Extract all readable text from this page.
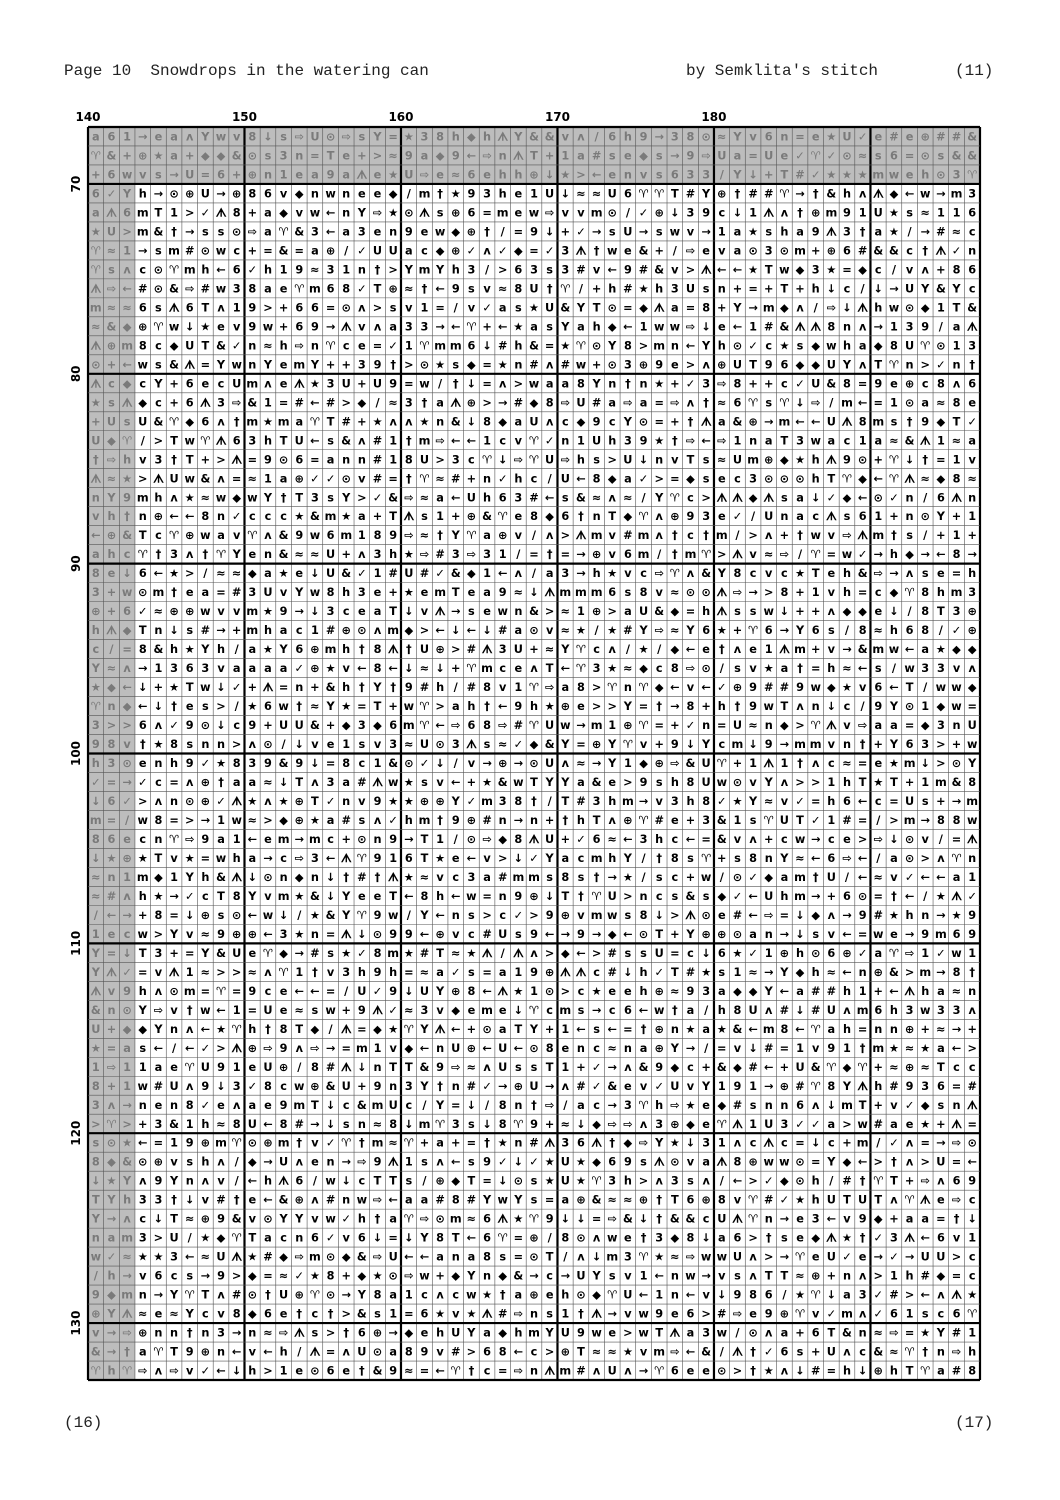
Page 10  Snowdrops in the watering can	by Semklita's stitch	(11)
140	150	160	170	180
70
80
90
100
110
120
130
a 6 1 → e a ʌ Y w v 8 ↓ s ⇨ U ⊙ ⇨ s Y = ★ 3 8 h ◆ h ᗑ Y & & v ʌ / 6 h 9 → 3 8 ⊙ ≈ Y v 6 n = e ★ U ✓ e # e ⊕ # # &
♈ & + ⊕ ★ a + ◆ ◆ & ⊙ s 3 n = T e + > ≈ 9 a ◆ 9 ← ⇨ n ᗑ T + 1 a # s e ◆ s → 9 ⇨ U a = U e ✓ ♈ ✓ ⊙ ≈ s 6 = ⊙ s & &
+ 6 w v s → U = 6 + ⊕ n 1 e a 9 a ᗑ e ★ U ⇨ e ≈ 6 e h h ⊕ ↓ ★ > ← e n v s 6 3 3 / Y ↓ + T # ✓ ★ ★ ★ m w e h ⊙ 3 ♈
6 ✓ Y h → ⊙ ⊕ U → ⊕ 8 6 v ◆ n w n e e ◆ / m † ★ 9 3 h e 1 U ↓ ≈ ≈ U 6 ♈ ♈ T # Y ⊕ † # # ♈ → † & h ʌ ᗑ ◆ ← w → m 3
a ᗑ 6 m T 1 > ✓ ᗑ 8 + a ◆ v w ← n Y ⇨ ★ ⊙ ᗑ s ⊕ 6 = m e w ⇨ v v m ⊙ / ✓ ⊕ ↓ 3 9 c ↓ 1 ᗑ ʌ † ⊕ m 9 1 U ★ s ≈ 1 1 6
★ U > m & † → s s ⊙ ⇨ a ♈ & 3 ← a 3 e n 9 e w ◆ ⊕ † / = 9 ↓ + ✓ → s U → s w v → 1 a ★ s h a 9 ᗑ 3 † a ★ / → # ≈ c
♈ ≈ 1 → s m # ⊙ w c + = & = a ⊕ / ✓ U U a c ◆ ⊕ ✓ ʌ ✓ ◆ = ✓ 3 ᗑ † w e & + / ⇨ e v a ⊙ 3 ⊙ m + ⊕ 6 # & & c † ᗑ ✓ n
♈ s ʌ c ⊙ ♈ m h ← 6 ✓ h 1 9 ≈ 3 1 n † > Y m Y h 3 / > 6 3 s 3 # v ← 9 # & v > ᗑ ← ← ★ T w ◆ 3 ★ = ◆ c / v ʌ + 8 6
ᗑ ⇨ ← # ⊙ & ⇨ # w 3 8 a e ♈ m 6 8 ✓ T ⊕ ≈ † ← 9 s v ≈ 8 U † ♈ / + h # ★ h 3 U s n + = + T + h ↓ c / ↓ → U Y & Y c
m ≈ ≈ 6 s ᗑ 6 T ʌ 1 9 > + 6 6 = ⊙ ʌ > s v 1 = / v ✓ a s ★ U & Y T ⊙ = ◆ ᗑ a = 8 + Y → m ◆ ʌ / ⇨ ↓ ᗑ h w ⊙ ◆ 1 T &
≈ & ◆ ⊕ ♈ w ↓ ★ e v 9 w + 6 9 → ᗑ v ʌ a 3 3 → ← ♈ + ← ★ a s Y a h ◆ ← 1 w w ⇨ ↓ e ← 1 # & ᗑ ᗑ 8 n ʌ → 1 3 9 / a ᗑ
ᗑ ⊕ m 8 c ◆ U T & ✓ n ≈ h ⇨ n ♈ c e = ✓ 1 ♈ m m 6 ↓ # h & = ★ ♈ ⊙ Y 8 > m n ← Y h ⊙ ✓ c ★ s ◆ w h a ◆ 8 U ♈ ⊙ 1 3
⊙ + ← w s & ᗑ = Y w n Y e m Y + + 3 9 † > ⊙ ★ s ◆ = ★ n # ʌ # w + ⊙ 3 ⊕ 9 e > ʌ ⊕ U T 9 6 ◆ ◆ U Y ʌ T ♈ n > ✓ n †
ᗑ c ◆ c Y + 6 e c U m ʌ e ᗑ ★ 3 U + U 9 = w / † ↓ = ʌ > w a a 8 Y n † n ★ + ✓ 3 ⇨ 8 + + c ✓ U & 8 = 9 e ⊕ c 8 ʌ 6
★ s ᗑ ◆ c + 6 ᗑ 3 ⇨ & 1 = # ← # > ◆ / ≈ 3 † a ᗑ ⊕ > → # ◆ 8 ⇨ U # a ⇨ a = ⇨ ʌ † ≈ 6 ♈ s ♈ ↓ ⇨ / m ← = 1 ⊙ a ≈ 8 e
+ U s U & ♈ ◆ 6 ʌ † m ★ m a ♈ T # + ★ ʌ ʌ ★ n & ↓ 8 ◆ a U ʌ c ◆ 9 c Y ⊙ = + † ᗑ a & ⊕ → m ← ← U ᗑ 8 m s † 9 ◆ T ✓
U ◆ ♈ / > T w ♈ ᗑ 6 3 h T U ← s & ʌ # 1 † m ⇨ ← ← 1 c v ♈ ✓ n 1 U h 3 9 ★ † ⇨ ← ⇨ 1 n a T 3 w a c 1 a ≈ & ᗑ 1 ≈ a
† ⇨ h v 3 † T + > ᗑ = 9 ⊙ 6 = a n n # 1 8 U > 3 c ♈ ↓ ⇨ ♈ U ⇨ h s > U ↓ n v T s ≈ U m ⊕ ◆ ★ h ᗑ 9 ⊙ + ♈ ↓ † = 1 v
ᗑ ≈ ★ > ᗑ U w & ʌ = ≈ 1 a ⊕ ✓ ✓ ⊙ v # = † ♈ ≈ # + n ✓ h c / U ← 8 ◆ a ✓ > = ◆ s e c 3 ⊙ ⊙ ⊙ h T ♈ ◆ ← ♈ ᗑ ≈ ◆ 8 ≈
n Y 9 m h ʌ ★ ≈ w ◆ w Y † T 3 s Y > ✓ & ⇨ ≈ a ← U h 6 3 # ← s & ≈ ʌ ≈ / Y ♈ c > ᗑ ᗑ ◆ ᗑ s a ↓ ✓ ◆ ← ⊙ ✓ n / 6 ᗑ n
v h † n ⊕ ← ← 8 n ✓ c c c ★ & m ★ a + T ᗑ s 1 + ⊕ & ♈ e 8 ◆ 6 † n T ◆ ♈ ʌ ⊕ 9 3 e ✓ / U n a c ᗑ s 6 1 + n ⊙ Y + 1
← ⊕ & T c ♈ ⊕ w a v ♈ ʌ & 9 w 6 m 1 8 9 ⇨ ≈ † Y ♈ a ⊕ v / ʌ > ᗑ m v # m ʌ † c † m / > ʌ + † w v ⇨ ᗑ m † s / + 1 +
a h c ♈ † 3 ʌ † ♈ Y e n & ≈ ≈ U + ʌ 3 h ★ ⇨ # 3 ⇨ 3 1 / = † = → ⊕ v 6 m / † m ♈ > ᗑ v ≈ ⇨ / ♈ = w ✓ → h ◆ → ← 8 →
8 e ↓ 6 ← ★ > / ≈ ≈ ◆ a ★ e ↓ U & ✓ 1 # U # ✓ & ◆ 1 ← ʌ / a 3 → h ★ v c ⇨ ♈ ʌ & Y 8 c v c ★ T e h & ⇨ → ʌ s e = h
3 + w ⊙ m † e a = # 3 U v Y w 8 h 3 e + ★ e m T e a 9 ≈ ↓ ᗑ m m m 6 s 8 v ≈ ⊙ ⊙ ᗑ ⇨ → > 8 + 1 v h = c ◆ ♈ 8 h m 3
⊕ + 6 ✓ ≈ ⊕ ⊕ w v v m ★ 9 → ↓ 3 c e a T ↓ v ᗑ → s e w n & > ≈ 1 ⊕ > a U & ◆ = h ᗑ s s w ↓ + + ʌ ◆ ◆ e ↓ / 8 T 3 ⊕
h ᗑ ◆ T n ↓ s # → + m h a c 1 # ⊕ ⊙ ʌ m ◆ > ← ↓ ← ↓ # a ⊙ v ≈ ★ / ★ # Y ⇨ ≈ Y 6 ★ + ♈ 6 → Y 6 s / 8 ≈ h 6 8 / ✓ ⊕
c / = 8 & h ★ Y h / a ★ Y 6 ⊕ m h † 8 ᗑ † U ⊕ > # ᗑ 3 U + ≈ Y ♈ c ʌ / ★ / ◆ ← e † ʌ e 1 ᗑ m + v → & m w ← a ★ ◆ ◆
Y ≈ ʌ → 1 3 6 3 v a a a a ✓ ⊕ ★ v ← 8 ← ↓ ≈ ↓ + ♈ m c e ʌ T ← ♈ 3 ★ ≈ ◆ c 8 ⇨ ⊙ / s v ★ a † = h ≈ ← s / w 3 3 v ʌ
★ ◆ ← ↓ + ★ T w ↓ ✓ + ᗑ = n + & h † Y † 9 # h / # 8 v 1 ♈ ⇨ a 8 > ♈ n ♈ ◆ ← v ← ✓ ⊕ 9 # # 9 w ◆ ★ v 6 ← T / w w ◆
♈ n ◆ ← ↓ † e s > / ★ 6 w † ≈ Y ★ = T + w ♈ > a h † ← 9 h ★ ⊕ e > > Y = † → 8 + h † 9 w T ʌ n ↓ c / 9 Y ⊙ 1 ◆ w =
3 > > 6 ʌ ✓ 9 ⊙ ↓ c 9 + U U & + ◆ 3 ◆ 6 m ♈ ← ⇨ 6 8 ⇨ # ♈ U w → m 1 ⊕ ♈ = + ✓ n = U ≈ n ◆ > ♈ ᗑ v ⇨ a a = ◆ 3 n U
9 8 v † ★ 8 s n n > ʌ ⊙ / ↓ v e 1 s v 3 ≈ U ⊙ 3 ᗑ s ≈ ✓ ◆ & Y = ⊕ Y ♈ v + 9 ↓ Y c m ↓ 9 → m m v n † + Y 6 3 > + w
h 3 ⊙ e n h 9 ✓ ★ 8 3 9 & 9 ↓ = 8 c 1 & ⊙ ✓ ↓ / v → ⊕ → ⊙ U ʌ ≈ → Y 1 ◆ ⊕ ⇨ & U ♈ + 1 ᗑ 1 † ʌ c ≈ = e ★ m ↓ > ⊙ Y
✓ = → ✓ c = ʌ ⊕ † a a ≈ ↓ T ʌ 3 a # ᗑ w ★ s v ← + ★ & w T Y Y a & e > 9 s h 8 U w ⊙ v Y ʌ > > 1 h T ★ T + 1 m & 8
↓ 6 ✓ > ʌ n ⊙ ⊕ ✓ ᗑ ★ ʌ ★ ⊕ T ✓ n v 9 ★ ★ ⊕ ⊕ Y ✓ m 3 8 † / T # 3 h m → v 3 h 8 ✓ ★ Y ≈ v ✓ = h 6 ← c = U s + → m
m = / w 8 = > → 1 w ≈ > ◆ ⊕ ★ a # s ʌ ✓ h m † 9 ⊕ # n → n + † h T ʌ ⊕ ♈ # e + 3 & 1 s ♈ U T ✓ 1 # = / > m → 8 8 w
8 6 e c n ♈ ⇨ 9 a 1 ← e m → m c + ⊙ n 9 → T 1 / ⊙ ⇨ ◆ 8 ᗑ U + ✓ 6 ≈ ← 3 h c ← = & v ʌ + c w → c e > ⇨ ↓ ⊙ v / = ᗑ
↓ ★ ⊕ ★ T v ★ = w h a → c ⇨ 3 ← ᗑ ♈ 9 1 6 T ★ e ← v > ↓ ✓ Y a c m h Y / † 8 s ♈ + s 8 n Y ≈ ← 6 ⇨ ← / a ⊙ > ʌ ♈ n
≈ n 1 m ◆ 1 Y h & ᗑ ↓ ⊙ n ◆ n ↓ † # † ᗑ ★ ≈ v c 3 a # m m s 8 s † → ★ / s c + w / ⊙ ✓ ◆ a m † U / ← ≈ v ✓ ← ← a 1
≈ # ʌ h ★ → ✓ c T 8 Y v m ★ & ↓ Y e e T ← 8 h ← w = n 9 ⊕ ↓ T † ♈ U > n c s & s ◆ ✓ ← U h m → + 6 ⊙ = † ← / ★ ᗑ ✓
/ ← → + 8 = ↓ ⊕ s ⊙ ← w ↓ / ★ & Y ♈ 9 w / Y ← n s > c ✓ > 9 ⊕ v m w s 8 ↓ > ᗑ ⊙ e # ← ⇨ = ↓ ◆ ʌ → 9 # ★ h n → ★ 9
1 e c w > Y v ≈ 9 ⊕ ⊕ ← 3 ★ n = ᗑ ↓ ⊙ 9 9 ← ⊕ v c # U s 9 ← → 9 → ◆ ← ⊙ T + Y ⊕ ⊕ ⊙ a n → ↓ s v ← = w e → 9 m 6 9
Y = ↓ T 3 + = Y & U e ♈ ◆ → # s ★ ✓ 8 m ★ # T ≈ ★ ᗑ / ᗑ ʌ > ◆ ← > # s s U = c ↓ 6 ★ ✓ 1 ⊕ h ⊙ 6 ⊕ ✓ a ♈ ⇨ 1 ✓ w 1
Y ᗑ ✓ = v ᗑ 1 ≈ > > ≈ ʌ ♈ 1 † v 3 h 9 h = ≈ a ✓ s = a 1 9 ⊕ ᗑ ᗑ c # ↓ h ✓ T # ★ s 1 ≈ → Y ◆ h ≈ ← n ⊕ & > m → 8 †
ᗑ v 9 h ʌ ⊙ m = ♈ = 9 c e ← ← = / U ✓ 9 ↓ U Y ⊕ 8 ← ᗑ ★ 1 ⊙ > c ★ e e h ⊕ ≈ 9 3 a ◆ ◆ Y ← a # # h 1 + ← ᗑ h a ≈ n
& n ⊙ Y ⇨ v † w ← 1 = U e ≈ s w + 9 ᗑ ✓ ≈ 3 v ◆ e m e ↓ ♈ c m s → c 6 ← w † a / h 8 U ʌ # ↓ # U ʌ m 6 h 3 w 3 3 ʌ
U + ◆ ◆ Y n ʌ ← ★ ♈ h † 8 T ◆ / ᗑ = ◆ ★ ♈ Y ᗑ ← + ⊙ a T Y + 1 ← s ← = † ⊕ n ★ a ★ & ← m 8 ← ♈ a h = n n ⊕ + ≈ → +
★ = a s ← / ← ✓ > ᗑ ⊕ ⇨ 9 ʌ ⇨ → = m 1 v ◆ ← n U ⊕ ← U ← ⊙ 8 e n c ≈ n a ⊕ Y → / = v ↓ # = 1 v 9 1 † m ★ ≈ ★ a ← >
1 ⇨ 1 1 a e ♈ U 9 1 e U ⊕ / 8 # ᗑ ↓ n T T & 9 ⇨ ≈ ʌ U s s T 1 + ✓ → ʌ & 9 ◆ c + & ◆ # ← + U & ♈ ◆ ♈ + ≈ ⊕ ≈ T c c
8 + 1 w # U ʌ 9 ↓ 3 ✓ 8 c w ⊕ & U + 9 n 3 Y † n # ✓ → ⊕ U → ʌ # ✓ & e v ✓ U v Y 1 9 1 → ⊕ # ♈ 8 Y ᗑ h # 9 3 6 = #
3 ʌ → n e n 8 ✓ e ʌ a e 9 m T ↓ c & m U c / Y = ↓ / 8 n † ⇨ / a c → 3 ♈ h ⇨ ★ e ◆ # s n n 6 ʌ ↓ m T + v ✓ ◆ s n ᗑ
> ♈ > + 3 & 1 h ≈ 8 U ← 8 # → ↓ s n ≈ 8 ↓ m ♈ 3 s ↓ 8 ♈ 9 + ≈ ↓ ◆ ⇨ ⇨ ʌ 3 ⊕ ◆ e ♈ ᗑ 1 U 3 ✓ ✓ a > w # a e ★ + ᗑ =
s ⊙ ★ ← = 1 9 ⊕ m ♈ ⊙ ⊕ m † v ✓ ♈ † m ≈ ♈ + a + = † ★ n # ᗑ 3 6 ᗑ † ◆ ⇨ Y ★ ↓ 3 1 ʌ c ᗑ c = ↓ c + m / ✓ ʌ = → ⇨ ⊙
8 ◆ & ⊙ ⊕ v s h ʌ / ◆ → U ʌ e n → ⇨ 9 ᗑ 1 s ʌ ← s 9 ✓ ↓ ✓ ★ U ★ ◆ 6 9 s ᗑ ⊙ v a ᗑ 8 ⊕ w w ⊙ = Y ◆ ← > † ʌ > U = ←
↓ ★ Y ʌ 9 Y n ʌ v / ← h ᗑ 6 / w ↓ c T T s / ⊕ ◆ T = ↓ ⊙ s ★ U ★ ♈ 3 h > ʌ 3 s ʌ / ← > ✓ ◆ ⊙ h / # † ♈ T + ⇨ ʌ 6 9
T Y h 3 3 † ↓ v # † e ← & ⊕ ʌ # n w ⇨ ← a a # 8 # Y w Y s = a ⊕ & ≈ ≈ ⊕ † T 6 ⊕ 8 v ♈ # ✓ ★ h U T U T ʌ ♈ ᗑ e ⇨ c
Y → ʌ c ↓ T ≈ ⊕ 9 & v ⊙ Y Y v w ✓ h † a ♈ ⇨ ⊙ m ≈ 6 ᗑ ★ ♈ 9 ↓ ↓ = ⇨ & ↓ † & & c U ᗑ ♈ n → e 3 ← v 9 ◆ + a a = † ↓
n a m 3 > U / ★ ◆ ♈ T a c n 6 ✓ v 6 ↓ = ↓ Y 8 T ← 6 ♈ = ⊕ / 8 ⊙ ʌ w e † 3 ◆ 8 ↓ a 6 > † s e ◆ ᗑ ★ † ✓ 3 ᗑ ← 6 v 1
w ✓ ≈ ★ ★ 3 ← ≈ U ᗑ ★ # ◆ ⇨ m ⊙ ◆ & ⇨ U ← ← a n a 8 s = ⊙ T / ʌ ↓ m 3 ♈ ★ ≈ ⇨ w w U ʌ > → ♈ e U ✓ e → ✓ → U U > c
/ h → v 6 c s → 9 > ◆ = ≈ ✓ ★ 8 + ◆ ★ ⊙ ⇨ w + ◆ Y n ◆ & → c → U Y s v 1 ← n w → v s ʌ T T ≈ ⊕ + n ʌ > 1 h # ◆ = c
9 ◆ m n → Y ♈ T ʌ # ⊙ † U ⊕ ♈ ⊙ → Y 8 a 1 c ʌ c w ★ † a ⊕ e h ⊙ ◆ ♈ U ← 1 n ← v ↓ 9 8 6 / ★ ♈ ↓ a 3 ✓ # > ← ʌ ᗑ ★
⊕ Y ᗑ ≈ e ≈ Y c v 8 ◆ 6 e † c † > & s 1 = 6 ★ v ★ ᗑ # ⇨ n s 1 † ᗑ → v w 9 e 6 > # ⇨ e 9 ⊕ ♈ v ✓ m ʌ ✓ 6 1 s c 6 ♈
v → ⇨ ⊕ n n † n 3 → n ≈ ⇨ ᗑ s > † 6 ⊕ → ◆ e h U Y a ◆ h m Y U 9 w e > w T ᗑ a 3 w / ⊙ ʌ a + 6 T & n ≈ ⇨ = ★ Y # 1
& → † a ♈ T 9 ⊕ n ← v ← h / ᗑ = ʌ U ⊙ a 8 9 v # > 6 8 ← c > ⊕ T ≈ ≈ ★ v m ⇨ ← & / ᗑ † ✓ 6 s + U ʌ c & ≈ ♈ † n ⇨ h
♈ h ♈ ⇨ ʌ ⇨ v ✓ ← ↓ h > 1 e ⊙ 6 e † & 9 ≈ = ← ♈ † c = ⇨ n ᗑ m # ʌ U ʌ → ♈ 6 e e ⊙ > † ★ ʌ ↓ # = h ↓ ⊕ h T ♈ a # 8
(16)	(17)
